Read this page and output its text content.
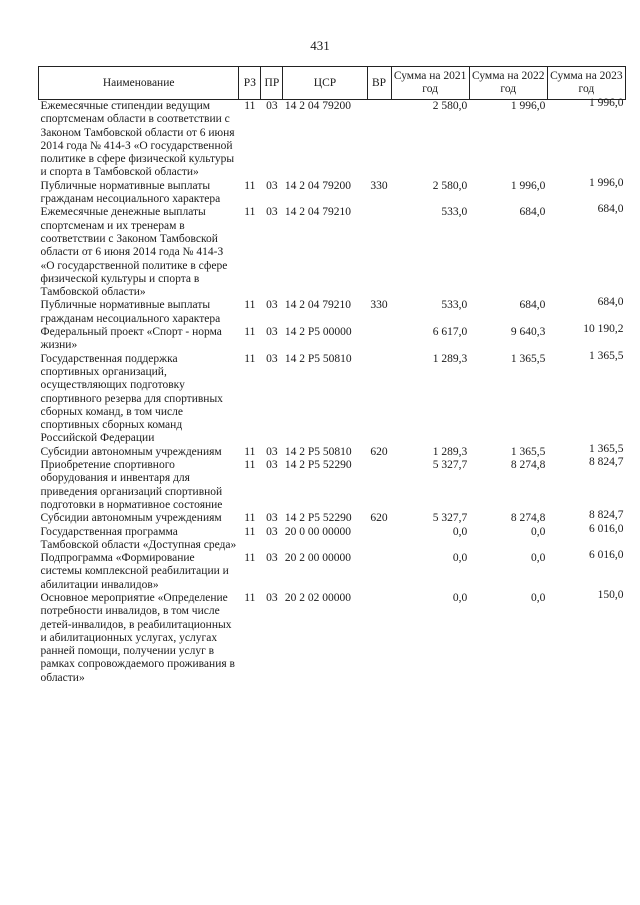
431
Наименование	РЗ	ПР	ЦСР	ВР	Сумма на 2021 год	Сумма на 2022 год	Сумма на 2023 год
Ежемесячные стипендии ведущим спортсменам области в соответствии с Законом Тамбовской области от 6 июня 2014 года № 414-З «О государственной политике в сфере физической культуры и спорта в Тамбовской области»	11	03	14 2 04 79200		2 580,0	1 996,0	1 996,0
Публичные нормативные выплаты гражданам несоциального характера	11	03	14 2 04 79200	330	2 580,0	1 996,0	1 996,0
Ежемесячные денежные выплаты спортсменам и их тренерам в соответствии с Законом Тамбовской области от 6 июня 2014 года № 414-З «О государственной политике в сфере физической культуры и спорта в Тамбовской области»	11	03	14 2 04 79210		533,0	684,0	684,0
Публичные нормативные выплаты гражданам несоциального характера	11	03	14 2 04 79210	330	533,0	684,0	684,0
Федеральный проект «Спорт - норма жизни»	11	03	14 2 P5 00000		6 617,0	9 640,3	10 190,2
Государственная поддержка спортивных организаций, осуществляющих подготовку спортивного резерва для спортивных сборных команд, в том числе спортивных сборных команд Российской Федерации	11	03	14 2 P5 50810		1 289,3	1 365,5	1 365,5
Субсидии автономным учреждениям	11	03	14 2 P5 50810	620	1 289,3	1 365,5	1 365,5
Приобретение спортивного оборудования и инвентаря для приведения организаций спортивной подготовки в нормативное состояние	11	03	14 2 P5 52290		5 327,7	8 274,8	8 824,7
Субсидии автономным учреждениям	11	03	14 2 P5 52290	620	5 327,7	8 274,8	8 824,7
Государственная программа Тамбовской области «Доступная среда»	11	03	20 0 00 00000		0,0	0,0	6 016,0
Подпрограмма «Формирование системы комплексной реабилитации и абилитации инвалидов»	11	03	20 2 00 00000		0,0	0,0	6 016,0
Основное мероприятие «Определение потребности инвалидов, в том числе детей-инвалидов, в реабилитационных и абилитационных услугах, услугах ранней помощи, получении услуг в рамках сопровождаемого проживания в области»	11	03	20 2 02 00000		0,0	0,0	150,0
